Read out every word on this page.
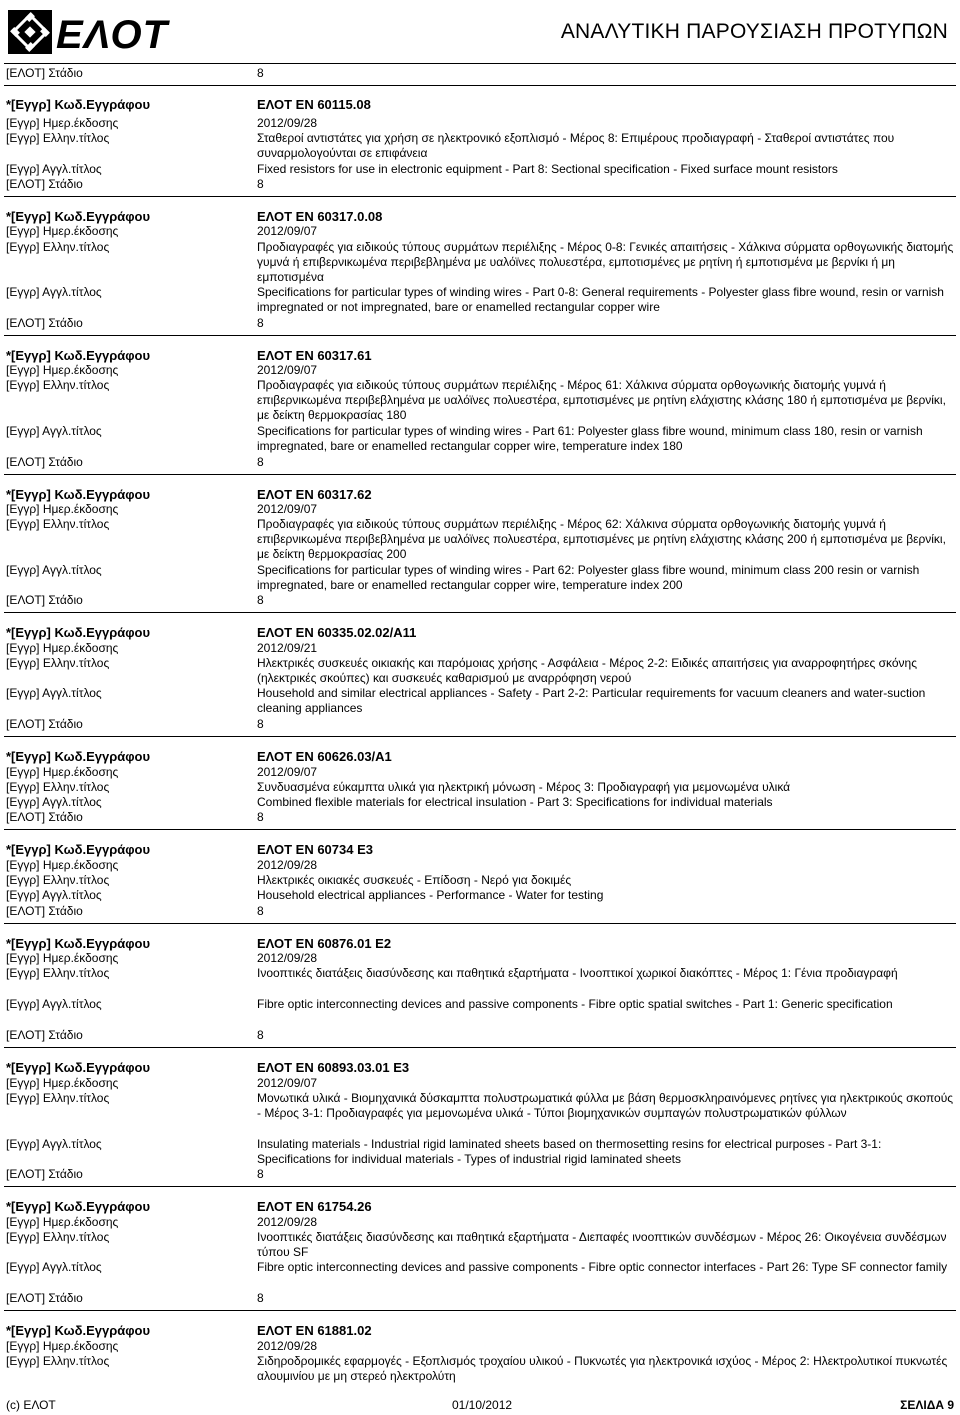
ΕΛΟΤ	ΑΝΑΛΥΤΙΚΗ ΠΑΡΟΥΣΙΑΣΗ ΠΡΟΤΥΠΩΝ
[ΕΛΟΤ] Στάδιο	8
*[Εγγρ] Κωδ.Εγγράφου	ΕΛΟΤ EN 60115.08
[Εγγρ] Ημερ.έκδοσης	2012/09/28
[Εγγρ] Ελλην.τίτλος	Σταθεροί αντιστάτες για χρήση σε ηλεκτρονικό εξοπλισμό - Μέρος 8: Επιμέρους προδιαγραφή - Σταθεροί αντιστάτες που συναρμολογούνται σε επιφάνεια
[Εγγρ] Αγγλ.τίτλος	Fixed resistors for use in electronic equipment - Part 8: Sectional specification - Fixed surface mount resistors
[ΕΛΟΤ] Στάδιο	8
*[Εγγρ] Κωδ.Εγγράφου	ΕΛΟΤ EN 60317.0.08
[Εγγρ] Ημερ.έκδοσης	2012/09/07
[Εγγρ] Ελλην.τίτλος	Προδιαγραφές για ειδικούς τύπους συρμάτων περιέλιξης - Μέρος 0-8: Γενικές απαιτήσεις - Χάλκινα σύρματα ορθογωνικής διατομής γυμνά ή επιβερνικωμένα περιβεβλημένα με υαλόϊνες πολυεστέρα, εμποτισμένες με ρητίνη ή εμποτισμένα με βερνίκι ή μη εμποτισμένα
[Εγγρ] Αγγλ.τίτλος	Specifications for particular types of winding wires - Part 0-8: General requirements - Polyester glass fibre wound, resin or varnish impregnated or not impregnated, bare or enamelled rectangular copper wire
[ΕΛΟΤ] Στάδιο	8
*[Εγγρ] Κωδ.Εγγράφου	ΕΛΟΤ EN 60317.61
[Εγγρ] Ημερ.έκδοσης	2012/09/07
[Εγγρ] Ελλην.τίτλος	Προδιαγραφές για ειδικούς τύπους συρμάτων περιέλιξης - Μέρος 61: Χάλκινα σύρματα ορθογωνικής διατομής γυμνά ή επιβερνικωμένα περιβεβλημένα με υαλόϊνες πολυεστέρα, εμποτισμένες με ρητίνη ελάχιστης κλάσης 180 ή εμποτισμένα με βερνίκι, με δείκτη θερμοκρασίας 180
[Εγγρ] Αγγλ.τίτλος	Specifications for particular types of winding wires - Part 61: Polyester glass fibre wound, minimum class 180, resin or varnish impregnated, bare or enamelled rectangular copper wire, temperature index 180
[ΕΛΟΤ] Στάδιο	8
*[Εγγρ] Κωδ.Εγγράφου	ΕΛΟΤ EN 60317.62
[Εγγρ] Ημερ.έκδοσης	2012/09/07
[Εγγρ] Ελλην.τίτλος	Προδιαγραφές για ειδικούς τύπους συρμάτων περιέλιξης - Μέρος 62: Χάλκινα σύρματα ορθογωνικής διατομής γυμνά ή επιβερνικωμένα περιβεβλημένα με υαλόϊνες πολυεστέρα, εμποτισμένες με ρητίνη ελάχιστης κλάσης 200 ή εμποτισμένα με βερνίκι, με δείκτη θερμοκρασίας 200
[Εγγρ] Αγγλ.τίτλος	Specifications for particular types of winding wires - Part 62: Polyester glass fibre wound, minimum class 200 resin or varnish impregnated, bare or enamelled rectangular copper wire, temperature index 200
[ΕΛΟΤ] Στάδιο	8
*[Εγγρ] Κωδ.Εγγράφου	ΕΛΟΤ EN 60335.02.02/A11
[Εγγρ] Ημερ.έκδοσης	2012/09/21
[Εγγρ] Ελλην.τίτλος	Ηλεκτρικές συσκευές οικιακής και παρόμοιας χρήσης - Ασφάλεια - Μέρος 2-2: Ειδικές απαιτήσεις για αναρροφητήρες σκόνης (ηλεκτρικές σκούπες) και συσκευές καθαρισμού με αναρρόφηση νερού
[Εγγρ] Αγγλ.τίτλος	Household and similar electrical appliances - Safety - Part 2-2: Particular requirements for vacuum cleaners and water-suction cleaning appliances
[ΕΛΟΤ] Στάδιο	8
*[Εγγρ] Κωδ.Εγγράφου	ΕΛΟΤ EN 60626.03/A1
[Εγγρ] Ημερ.έκδοσης	2012/09/07
[Εγγρ] Ελλην.τίτλος	Συνδυασμένα εύκαμπτα υλικά για ηλεκτρική μόνωση - Μέρος 3: Προδιαγραφή για μεμονωμένα υλικά
[Εγγρ] Αγγλ.τίτλος	Combined flexible materials for electrical insulation - Part 3: Specifications for individual materials
[ΕΛΟΤ] Στάδιο	8
*[Εγγρ] Κωδ.Εγγράφου	ΕΛΟΤ EN 60734 E3
[Εγγρ] Ημερ.έκδοσης	2012/09/28
[Εγγρ] Ελλην.τίτλος	Ηλεκτρικές οικιακές συσκευές - Επίδοση - Νερό για δοκιμές
[Εγγρ] Αγγλ.τίτλος	Household electrical appliances - Performance - Water for testing
[ΕΛΟΤ] Στάδιο	8
*[Εγγρ] Κωδ.Εγγράφου	ΕΛΟΤ EN 60876.01 E2
[Εγγρ] Ημερ.έκδοσης	2012/09/28
[Εγγρ] Ελλην.τίτλος	Ινοοπτικές διατάξεις διασύνδεσης και παθητικά εξαρτήματα - Ινοοπτικοί χωρικοί διακόπτες - Μέρος 1: Γένια προδιαγραφή
[Εγγρ] Αγγλ.τίτλος	Fibre optic interconnecting devices and passive components - Fibre optic spatial switches - Part 1: Generic specification
[ΕΛΟΤ] Στάδιο	8
*[Εγγρ] Κωδ.Εγγράφου	ΕΛΟΤ EN 60893.03.01 E3
[Εγγρ] Ημερ.έκδοσης	2012/09/07
[Εγγρ] Ελλην.τίτλος	Μονωτικά υλικά - Βιομηχανικά δύσκαμπτα πολυστρωματικά φύλλα με βάση θερμοσκληραινόμενες ρητίνες για ηλεκτρικούς σκοπούς - Μέρος 3-1: Προδιαγραφές για μεμονωμένα υλικά - Τύποι βιομηχανικών συμπαγών πολυστρωματικών φύλλων
[Εγγρ] Αγγλ.τίτλος	Insulating materials - Industrial rigid laminated sheets based on thermosetting resins for electrical purposes - Part 3-1: Specifications for individual materials - Types of industrial rigid laminated sheets
[ΕΛΟΤ] Στάδιο	8
*[Εγγρ] Κωδ.Εγγράφου	ΕΛΟΤ EN 61754.26
[Εγγρ] Ημερ.έκδοσης	2012/09/28
[Εγγρ] Ελλην.τίτλος	Ινοοπτικές διατάξεις διασύνδεσης και παθητικά εξαρτήματα - Διεπαφές ινοοπτικών συνδέσμων - Μέρος 26: Οικογένεια συνδέσμων τύπου SF
[Εγγρ] Αγγλ.τίτλος	Fibre optic interconnecting devices and passive components - Fibre optic connector interfaces - Part 26: Type SF connector family
[ΕΛΟΤ] Στάδιο	8
*[Εγγρ] Κωδ.Εγγράφου	ΕΛΟΤ EN 61881.02
[Εγγρ] Ημερ.έκδοσης	2012/09/28
[Εγγρ] Ελλην.τίτλος	Σιδηροδρομικές εφαρμογές - Εξοπλισμός τροχαίου υλικού - Πυκνωτές για ηλεκτρονικά ισχύος - Μέρος 2: Ηλεκτρολυτικοί πυκνωτές αλουμινίου με μη στερεό ηλεκτρολύτη
(c) ΕΛΟΤ	01/10/2012	ΣΕΛΙΔΑ 9
